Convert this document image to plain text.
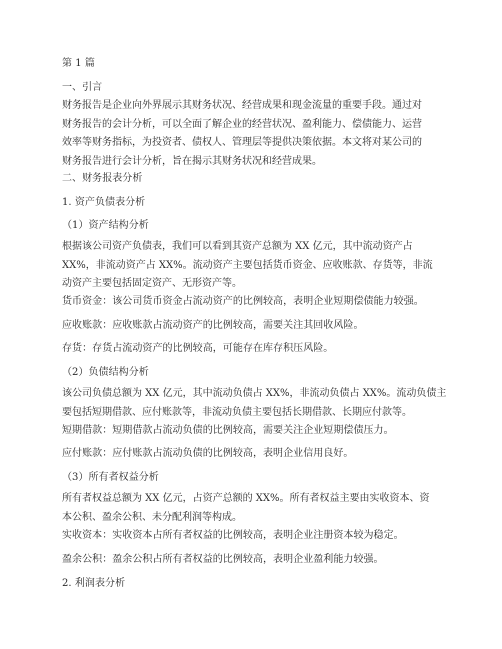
第 1 篇
一、引言
财务报告是企业向外界展示其财务状况、经营成果和现金流量的重要手段。通过对
财务报告的会计分析，可以全面了解企业的经营状况、盈利能力、偿债能力、运营
效率等财务指标，为投资者、债权人、管理层等提供决策依据。本文将对某公司的
财务报告进行会计分析，旨在揭示其财务状况和经营成果。
二、财务报表分析
1. 资产负债表分析
（1）资产结构分析
根据该公司资产负债表，我们可以看到其资产总额为 XX 亿元，其中流动资产占
XX%，非流动资产占 XX%。流动资产主要包括货币资金、应收账款、存货等，非流
动资产主要包括固定资产、无形资产等。
货币资金：该公司货币资金占流动资产的比例较高，表明企业短期偿债能力较强。
应收账款：应收账款占流动资产的比例较高，需要关注其回收风险。
存货：存货占流动资产的比例较高，可能存在库存积压风险。
（2）负债结构分析
该公司负债总额为 XX 亿元，其中流动负债占 XX%，非流动负债占 XX%。流动负债主
要包括短期借款、应付账款等，非流动负债主要包括长期借款、长期应付款等。
短期借款：短期借款占流动负债的比例较高，需要关注企业短期偿债压力。
应付账款：应付账款占流动负债的比例较高，表明企业信用良好。
（3）所有者权益分析
所有者权益总额为 XX 亿元，占资产总额的 XX%。所有者权益主要由实收资本、资
本公积、盈余公积、未分配利润等构成。
实收资本：实收资本占所有者权益的比例较高，表明企业注册资本较为稳定。
盈余公积：盈余公积占所有者权益的比例较高，表明企业盈利能力较强。
2. 利润表分析
